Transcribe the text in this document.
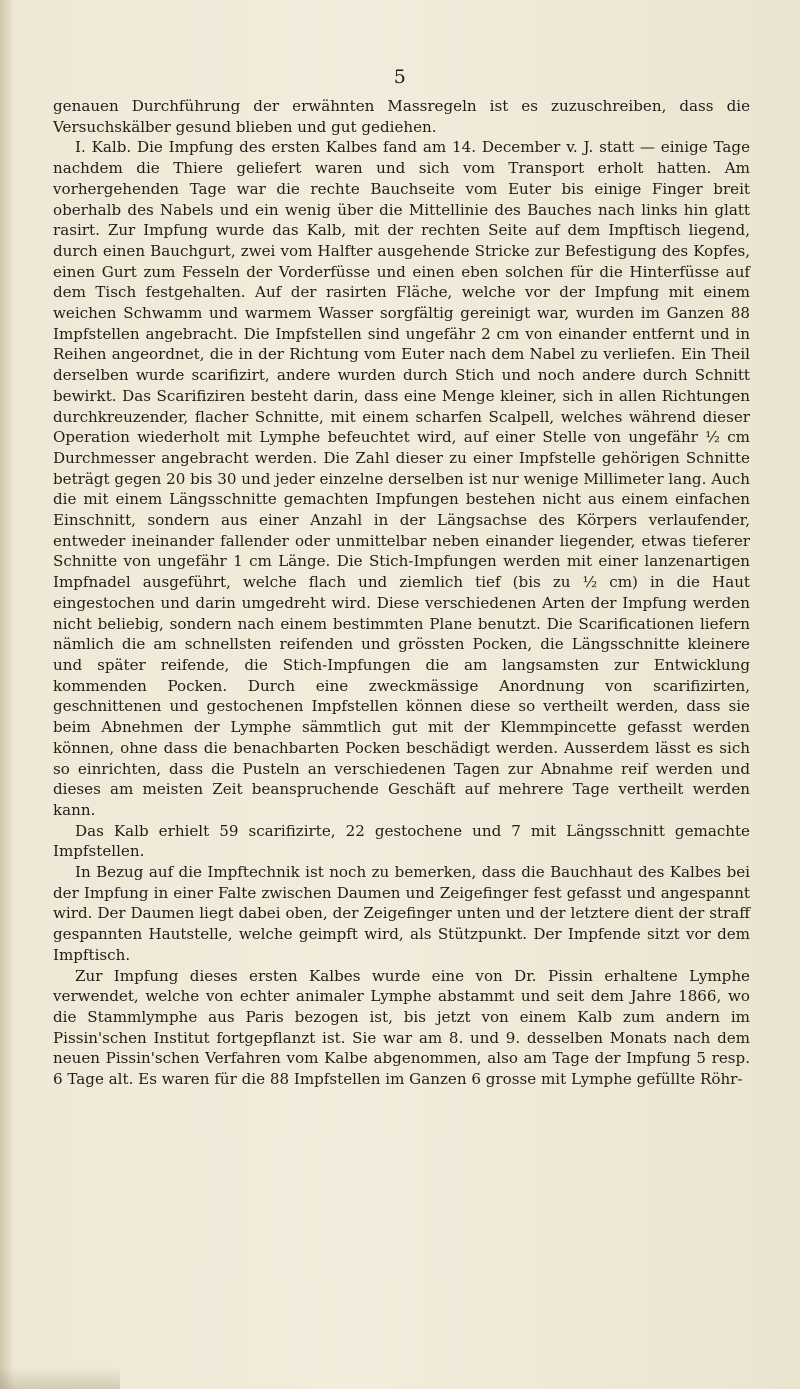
5

genauen Durchführung der erwähnten Massregeln ist es zuzuschreiben, dass die Versuchskälber gesund blieben und gut gediehen.

I. Kalb. Die Impfung des ersten Kalbes fand am 14. December v. J. statt — einige Tage nachdem die Thiere geliefert waren und sich vom Transport erholt hatten. Am vorhergehenden Tage war die rechte Bauchseite vom Euter bis einige Finger breit oberhalb des Nabels und ein wenig über die Mittellinie des Bauches nach links hin glatt rasirt. Zur Impfung wurde das Kalb, mit der rechten Seite auf dem Impftisch liegend, durch einen Bauchgurt, zwei vom Halfter ausgehende Stricke zur Befestigung des Kopfes, einen Gurt zum Fesseln der Vorderfüsse und einen eben solchen für die Hinterfüsse auf dem Tisch festgehalten. Auf der rasirten Fläche, welche vor der Impfung mit einem weichen Schwamm und warmem Wasser sorgfältig gereinigt war, wurden im Ganzen 88 Impfstellen angebracht. Die Impfstellen sind ungefähr 2 cm von einander entfernt und in Reihen angeordnet, die in der Richtung vom Euter nach dem Nabel zu verliefen. Ein Theil derselben wurde scarifizirt, andere wurden durch Stich und noch andere durch Schnitt bewirkt. Das Scarifiziren besteht darin, dass eine Menge kleiner, sich in allen Richtungen durchkreuzender, flacher Schnitte, mit einem scharfen Scalpell, welches während dieser Operation wiederholt mit Lymphe befeuchtet wird, auf einer Stelle von ungefähr ½ cm Durchmesser angebracht werden. Die Zahl dieser zu einer Impfstelle gehörigen Schnitte beträgt gegen 20 bis 30 und jeder einzelne derselben ist nur wenige Millimeter lang. Auch die mit einem Längsschnitte gemachten Impfungen bestehen nicht aus einem einfachen Einschnitt, sondern aus einer Anzahl in der Längsachse des Körpers verlaufender, entweder ineinander fallender oder unmittelbar neben einander liegender, etwas tieferer Schnitte von ungefähr 1 cm Länge. Die Stich-Impfungen werden mit einer lanzenartigen Impfnadel ausgeführt, welche flach und ziemlich tief (bis zu ½ cm) in die Haut eingestochen und darin umgedreht wird. Diese verschiedenen Arten der Impfung werden nicht beliebig, sondern nach einem bestimmten Plane benutzt. Die Scarificationen liefern nämlich die am schnellsten reifenden und grössten Pocken, die Längsschnitte kleinere und später reifende, die Stich-Impfungen die am langsamsten zur Entwicklung kommenden Pocken. Durch eine zweckmässige Anordnung von scarifizirten, geschnittenen und gestochenen Impfstellen können diese so vertheilt werden, dass sie beim Abnehmen der Lymphe sämmtlich gut mit der Klemmpincette gefasst werden können, ohne dass die benachbarten Pocken beschädigt werden. Ausserdem lässt es sich so einrichten, dass die Pusteln an verschiedenen Tagen zur Abnahme reif werden und dieses am meisten Zeit beanspruchende Geschäft auf mehrere Tage vertheilt werden kann.

Das Kalb erhielt 59 scarifizirte, 22 gestochene und 7 mit Längsschnitt gemachte Impfstellen.

In Bezug auf die Impftechnik ist noch zu bemerken, dass die Bauchhaut des Kalbes bei der Impfung in einer Falte zwischen Daumen und Zeigefinger fest gefasst und angespannt wird. Der Daumen liegt dabei oben, der Zeigefinger unten und der letztere dient der straff gespannten Hautstelle, welche geimpft wird, als Stützpunkt. Der Impfende sitzt vor dem Impftisch.

Zur Impfung dieses ersten Kalbes wurde eine von Dr. Pissin erhaltene Lymphe verwendet, welche von echter animaler Lymphe abstammt und seit dem Jahre 1866, wo die Stammlymphe aus Paris bezogen ist, bis jetzt von einem Kalb zum andern im Pissin'schen Institut fortgepflanzt ist. Sie war am 8. und 9. desselben Monats nach dem neuen Pissin'schen Verfahren vom Kalbe abgenommen, also am Tage der Impfung 5 resp. 6 Tage alt. Es waren für die 88 Impfstellen im Ganzen 6 grosse mit Lymphe gefüllte Röhr-
